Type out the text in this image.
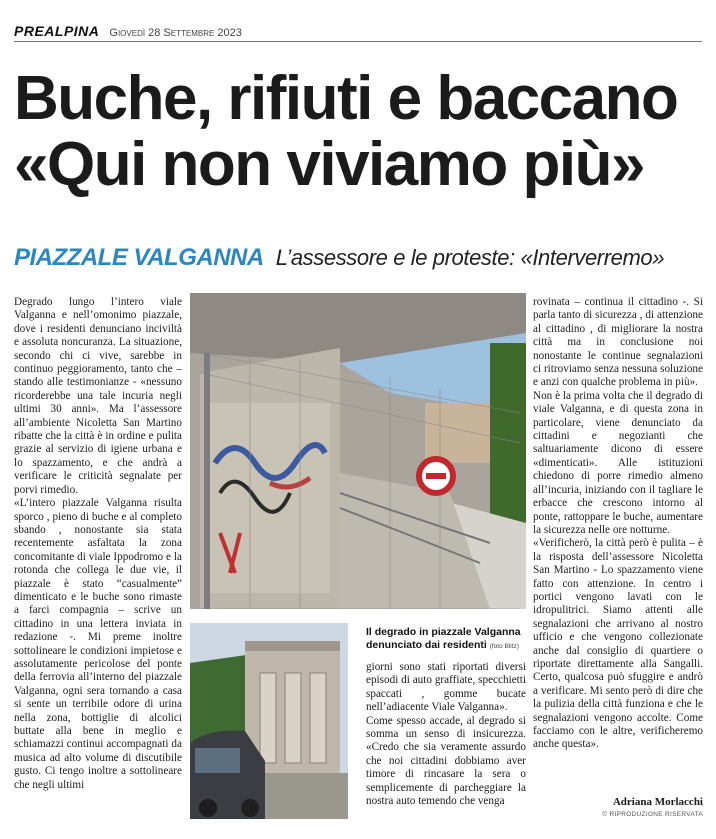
PREALPINA Giovedì 28 Settembre 2023
Buche, rifiuti e baccano
«Qui non viviamo più»
PIAZZALE VALGANNA L’assessore e le proteste: «Interverremo»

Degrado lungo l’intero viale Valganna e nell’omonimo piazzale, dove i residenti denunciano inciviltà e assoluta noncuranza. La situazione, secondo chi ci vive, sarebbe in continuo peggioramento, tanto che – stando alle testimonianze - «nessuno ricorderebbe una tale incuria negli ultimi 30 anni». Ma l’assessore all’ambiente Nicoletta San Martino ribatte che la città è in ordine e pulita grazie al servizio di igiene urbana e lo spazzamento, e che andrà a verificare le criticità segnalate per porvi rimedio.

«L’intero piazzale Valganna risulta sporco , pieno di buche e al completo sbando , nonostante sia stata recentemente asfaltata la zona concomitante di viale Ippodromo e la rotonda che collega le due vie, il piazzale è stato “casualmente” dimenticato e le buche sono rimaste a farci compagnia – scrive un cittadino in una lettera inviata in redazione -. Mi preme inoltre sottolineare le condizioni impietose e assolutamente pericolose del ponte della ferrovia all’interno del piazzale Valganna, ogni sera tornando a casa si sente un terribile odore di urina nella zona, bottiglie di alcolici buttate alla bene in meglio e schiamazzi continui accompagnati da musica ad alto volume di discutibile gusto. Ci tengo inoltre a sottolineare che negli ultimi

Il degrado in piazzale Valganna denunciato dai residenti (foto Blitz)

giorni sono stati riportati diversi episodi di auto graffiate, specchietti spaccati , gomme bucate nell’adiacente Viale Valganna».

Come spesso accade, al degrado si somma un senso di insicurezza. «Credo che sia veramente assurdo che noi cittadini dobbiamo aver timore di rincasare la sera o semplicemente di parcheggiare la nostra auto temendo che venga

rovinata – continua il cittadino -. Si parla tanto di sicurezza , di attenzione al cittadino , di migliorare la nostra città ma in conclusione noi nonostante le continue segnalazioni ci ritroviamo senza nessuna soluzione e anzi con qualche problema in più».

Non è la prima volta che il degrado di viale Valganna, e di questa zona in particolare, viene denunciato da cittadini e negozianti che saltuariamente dicono di essere «dimenticati». Alle istituzioni chiedono di porre rimedio almeno all’incuria, iniziando con il tagliare le erbacce che crescono intorno al ponte, rattoppare le buche, aumentare la sicurezza nelle ore notturne.

«Verificherò, la città però è pulita – è la risposta dell’assessore Nicoletta San Martino - Lo spazzamento viene fatto con attenzione. In centro i portici vengono lavati con le idropulitrici. Siamo attenti alle segnalazioni che arrivano al nostro ufficio e che vengono collezionate anche dal consiglio di quartiere o riportate direttamente alla Sangalli. Certo, qualcosa può sfuggire e andrò a verificare. Mi sento però di dire che la pulizia della città funziona e che le segnalazioni vengono accolte. Come facciamo con le altre, verificheremo anche questa».

Adriana Morlacchi
© RIPRODUZIONE RISERVATA
